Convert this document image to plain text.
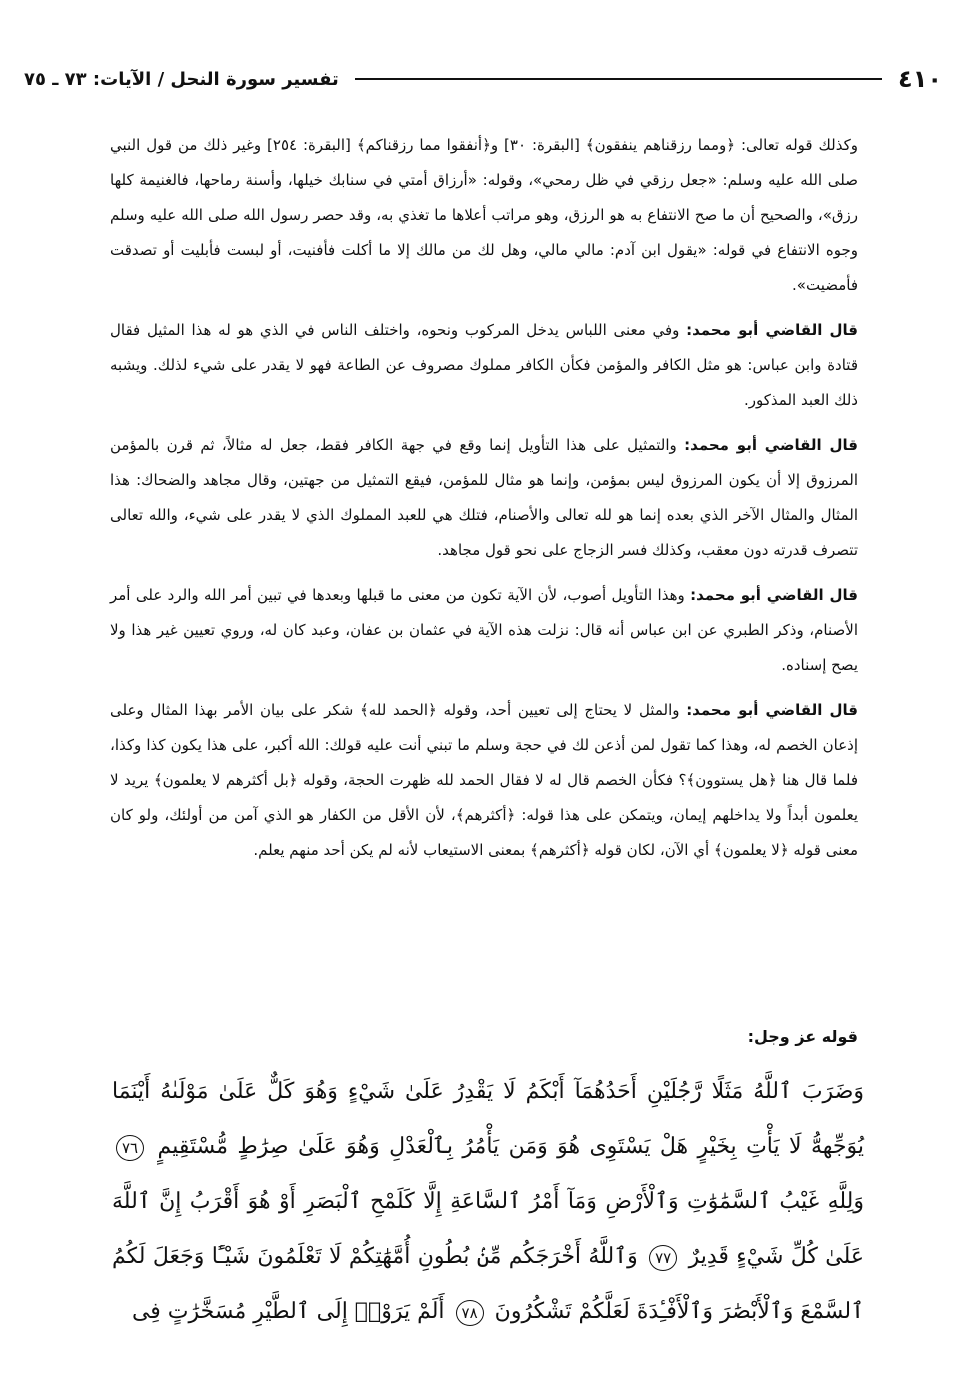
٤١٠
تفسير سورة النحل / الآيات: ٧٣ ـ ٧٥

وكذلك قوله تعالى: ﴿ومما رزقناهم ينفقون﴾ [البقرة: ٣٠] و﴿أنفقوا مما رزقناكم﴾ [البقرة: ٢٥٤] وغير ذلك من قول النبي صلى الله عليه وسلم: «جعل رزقي في ظل رمحي»، وقوله: «أرزاق أمتي في سنابك خيلها، وأسنة رماحها، فالغنيمة كلها رزق»، والصحيح أن ما صح الانتفاع به هو الرزق، وهو مراتب أعلاها ما تغذي به، وقد حصر رسول الله صلى الله عليه وسلم وجوه الانتفاع في قوله: «يقول ابن آدم: مالي مالي، وهل لك من مالك إلا ما أكلت فأفنيت، أو لبست فأبليت أو تصدقت فأمضيت».

قال القاضي أبو محمد: وفي معنى اللباس يدخل المركوب ونحوه، واختلف الناس في الذي هو له هذا المثيل فقال قتادة وابن عباس: هو مثل الكافر والمؤمن فكأن الكافر مملوك مصروف عن الطاعة فهو لا يقدر على شيء لذلك. ويشبه ذلك العبد المذكور.

قال القاضي أبو محمد: والتمثيل على هذا التأويل إنما وقع في جهة الكافر فقط، جعل له مثالاً، ثم قرن بالمؤمن المرزوق إلا أن يكون المرزوق ليس بمؤمن، وإنما هو مثال للمؤمن، فيقع التمثيل من جهتين، وقال مجاهد والضحاك: هذا المثال والمثال الآخر الذي بعده إنما هو لله تعالى والأصنام، فتلك هي للعبد المملوك الذي لا يقدر على شيء، والله تعالى تتصرف قدرته دون معقب، وكذلك فسر الزجاج على نحو قول مجاهد.

قال القاضي أبو محمد: وهذا التأويل أصوب، لأن الآية تكون من معنى ما قبلها وبعدها في تبين أمر الله والرد على أمر الأصنام، وذكر الطبري عن ابن عباس أنه قال: نزلت هذه الآية في عثمان بن عفان، وعبد كان له، وروي تعيين غير هذا ولا يصح إسناده.

قال القاضي أبو محمد: والمثل لا يحتاج إلى تعيين أحد، وقوله ﴿الحمد لله﴾ شكر على بيان الأمر بهذا المثال وعلى إذعان الخصم له، وهذا كما تقول لمن أذعن لك في حجة وسلم ما تبني أنت عليه قولك: الله أكبر، على هذا يكون كذا وكذا، فلما قال هنا ﴿هل يستوون﴾؟ فكأن الخصم قال له لا فقال الحمد لله ظهرت الحجة، وقوله ﴿بل أكثرهم لا يعلمون﴾ يريد لا يعلمون أبداً ولا يداخلهم إيمان، ويتمكن على هذا قوله: ﴿أكثرهم﴾، لأن الأقل من الكفار هو الذي آمن من أولئك، ولو كان معنى قوله ﴿لا يعلمون﴾ أي الآن، لكان قوله ﴿أكثرهم﴾ بمعنى الاستيعاب لأنه لم يكن أحد منهم يعلم.

قوله عز وجل:
وَضَرَبَ ٱللَّهُ مَثَلًا رَّجُلَيْنِ أَحَدُهُمَآ أَبْكَمُ لَا يَقْدِرُ عَلَىٰ شَيْءٍ وَهُوَ كَلٌّ عَلَىٰ مَوْلَىٰهُ أَيْنَمَا يُوَجِّههُّ لَا يَأْتِ بِخَيْرٍ هَلْ يَسْتَوِى هُوَ وَمَن يَأْمُرُ بِٱلْعَدْلِ وَهُوَ عَلَىٰ صِرَٰطٍ مُّسْتَقِيمٍ ٧٦ وَلِلَّهِ غَيْبُ ٱلسَّمَٰوَٰتِ وَٱلْأَرْضِ وَمَآ أَمْرُ ٱلسَّاعَةِ إِلَّا كَلَمْحِ ٱلْبَصَرِ أَوْ هُوَ أَقْرَبُ إِنَّ ٱللَّهَ عَلَىٰ كُلِّ شَيْءٍ قَدِيرٌ ٧٧ وَٱللَّهُ أَخْرَجَكُم مِّنۢ بُطُونِ أُمَّهَٰتِكُمْ لَا تَعْلَمُونَ شَيْـًٔا وَجَعَلَ لَكُمُ ٱلسَّمْعَ وَٱلْأَبْصَٰرَ وَٱلْأَفْـِٔدَةَ لَعَلَّكُمْ تَشْكُرُونَ ٧٨ أَلَمْ يَرَوْا۟ إِلَى ٱلطَّيْرِ مُسَخَّرَٰتٍ فِى
